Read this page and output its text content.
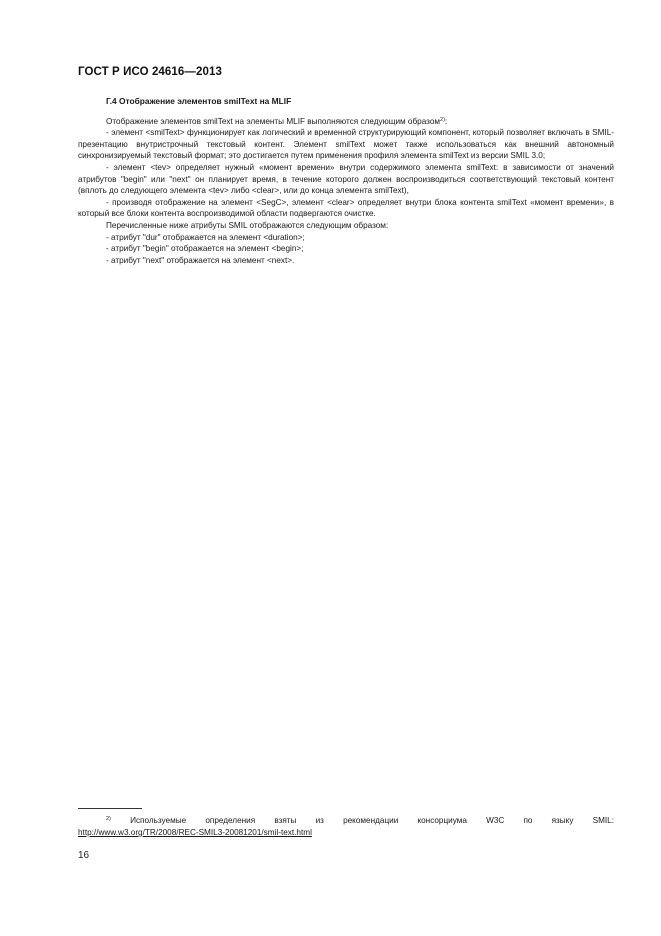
ГОСТ Р ИСО 24616—2013
Г.4 Отображение элементов smilText на MLIF

Отображение элементов smilText на элементы MLIF выполняются следующим образом$^{2)}$:

- элемент <smilText> функционирует как логический и временной структурирующий компонент, который позволяет включать в SMIL-презентацию внутристрочный текстовый контент. Элемент smilText может также использоваться как внешний автономный синхронизируемый текстовый формат; это достигается путем применения профиля элемента smilText из версии SMIL 3.0;

- элемент <tev> определяет нужный «момент времени» внутри содержимого элемента smilText: в зависимости от значений атрибутов "begin" или "next" он планирует время, в течение которого должен воспроизводиться соответствующий текстовый контент (вплоть до следующего элемента <tev> либо <clear>, или до конца элемента smilText),

- производя отображение на элемент <SegC>, элемент <clear> определяет внутри блока контента smilText «момент времени», в который все блоки контента воспроизводимой области подвергаются очистке.

Перечисленные ниже атрибуты SMIL отображаются следующим образом:

- атрибут "dur" отображается на элемент <duration>;

- атрибут "begin" отображается на элемент <begin>;

- атрибут "next" отображается на элемент <next>.

$^{2)}$ Используемые определения взяты из рекомендации консорциума W3C по языку SMIL:

http://www.w3.org/TR/2008/REC-SMIL3-20081201/smil-text.html

16
